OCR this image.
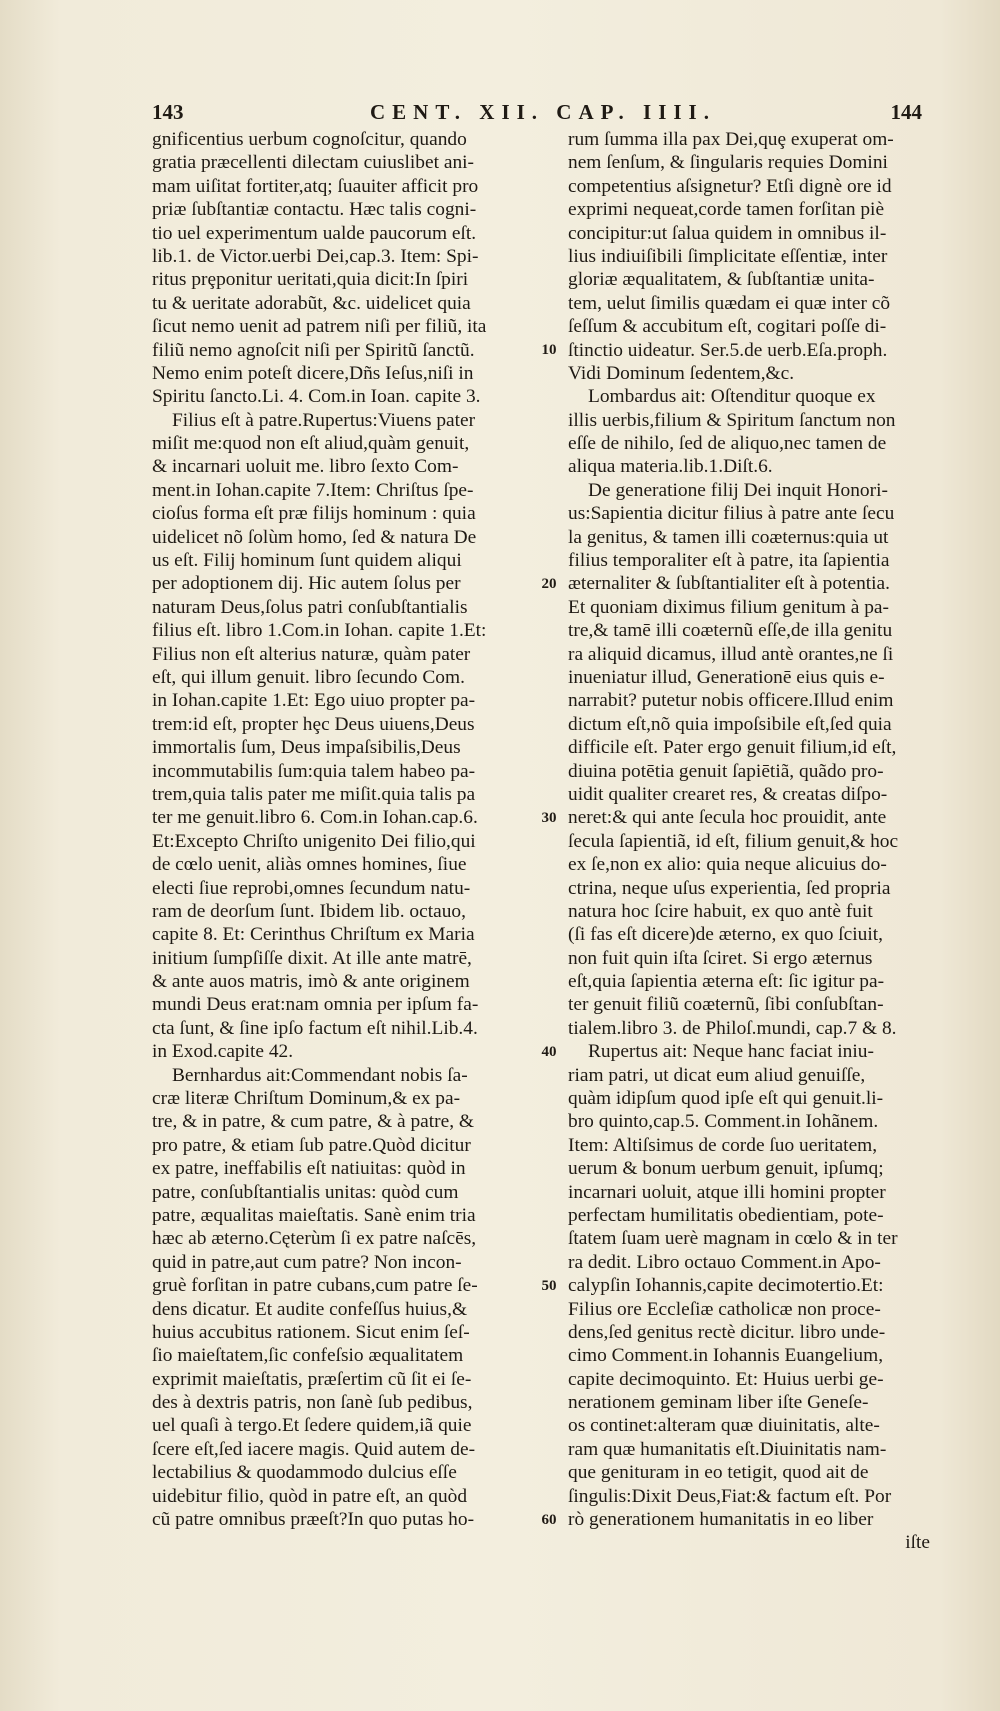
143	CENT. XII. CAP. IIII.	144
gnificentius uerbum cognoſcitur, quando
gratia præcellenti dilectam cuiuslibet ani-
mam uiſitat fortiter,atq; ſuauiter afficit pro
priæ ſubſtantiæ contactu. Hæc talis cogni-
tio uel experimentum ualde paucorum eſt.
lib.1. de Victor.uerbi Dei,cap.3. Item: Spi-
ritus prȩponitur ueritati,quia dicit:In ſpiri
tu & ueritate adorabũt, &c. uidelicet quia
ſicut nemo uenit ad patrem niſi per filiũ, ita
filiũ nemo agnoſcit niſi per Spiritũ ſanctũ.
Nemo enim poteſt dicere,Dñs Ieſus,niſi in
Spiritu ſancto.Li. 4. Com.in Ioan. capite 3.
Filius eſt à patre.Rupertus:Viuens pater
miſit me:quod non eſt aliud,quàm genuit,
& incarnari uoluit me. libro ſexto Com-
ment.in Iohan.capite 7.Item: Chriſtus ſpe-
cioſus forma eſt præ filijs hominum : quia
uidelicet nõ ſolùm homo, ſed & natura De
us eſt. Filij hominum ſunt quidem aliqui
per adoptionem dij. Hic autem ſolus per
naturam Deus,ſolus patri conſubſtantialis
filius eſt. libro 1.Com.in Iohan. capite 1.Et:
Filius non eſt alterius naturæ, quàm pater
eſt, qui illum genuit. libro ſecundo Com.
in Iohan.capite 1.Et: Ego uiuo propter pa-
trem:id eſt, propter hȩc Deus uiuens,Deus
immortalis ſum, Deus impaſsibilis,Deus
incommutabilis ſum:quia talem habeo pa-
trem,quia talis pater me miſit.quia talis pa
ter me genuit.libro 6. Com.in Iohan.cap.6.
Et:Excepto Chriſto unigenito Dei filio,qui
de cœlo uenit, aliàs omnes homines, ſiue
electi ſiue reprobi,omnes ſecundum natu-
ram de deorſum ſunt. Ibidem lib. octauo,
capite 8. Et: Cerinthus Chriſtum ex Maria
initium ſumpſiſſe dixit. At ille ante matrē,
& ante auos matris, imò & ante originem
mundi Deus erat:nam omnia per ipſum fa-
cta ſunt, & ſine ipſo factum eſt nihil.Lib.4.
in Exod.capite 42.
Bernhardus ait:Commendant nobis ſa-
cræ literæ Chriſtum Dominum,& ex pa-
tre, & in patre, & cum patre, & à patre, &
pro patre, & etiam ſub patre.Quòd dicitur
ex patre, ineffabilis eſt natiuitas: quòd in
patre, conſubſtantialis unitas: quòd cum
patre, æqualitas maieſtatis. Sanè enim tria
hæc ab æterno.Cęterùm ſi ex patre naſcēs,
quid in patre,aut cum patre? Non incon-
gruè forſitan in patre cubans,cum patre ſe-
dens dicatur. Et audite confeſſus huius,&
huius accubitus rationem. Sicut enim ſeſ-
ſio maieſtatem,ſic confeſsio æqualitatem
exprimit maieſtatis, præſertim cũ ſit ei ſe-
des à dextris patris, non ſanè ſub pedibus,
uel quaſi à tergo.Et ſedere quidem,iã quie
ſcere eſt,ſed iacere magis. Quid autem de-
lectabilius & quodammodo dulcius eſſe
uidebitur filio, quòd in patre eſt, an quòd
cũ patre omnibus præeſt?In quo putas ho-
10
20
30
40
50
60
rum ſumma illa pax Dei,quȩ exuperat om-
nem ſenſum, & ſingularis requies Domini
competentius aſsignetur? Etſi dignè ore id
exprimi nequeat,corde tamen forſitan piè
concipitur:ut ſalua quidem in omnibus il-
lius indiuiſibili ſimplicitate eſſentiæ, inter
gloriæ æqualitatem, & ſubſtantiæ unita-
tem, uelut ſimilis quædam ei quæ inter cõ
ſeſſum & accubitum eſt, cogitari poſſe di-
ſtinctio uideatur. Ser.5.de uerb.Eſa.proph.
Vidi Dominum ſedentem,&c.
Lombardus ait: Oſtenditur quoque ex
illis uerbis,filium & Spiritum ſanctum non
eſſe de nihilo, ſed de aliquo,nec tamen de
aliqua materia.lib.1.Diſt.6.
De generatione filij Dei inquit Honori-
us:Sapientia dicitur filius à patre ante ſecu
la genitus, & tamen illi coæternus:quia ut
filius temporaliter eſt à patre, ita ſapientia
æternaliter & ſubſtantialiter eſt à potentia.
Et quoniam diximus filium genitum à pa-
tre,& tamē illi coæternũ eſſe,de illa genitu
ra aliquid dicamus, illud antè orantes,ne ſi
inueniatur illud, Generationē eius quis e-
narrabit? putetur nobis officere.Illud enim
dictum eſt,nõ quia impoſsibile eſt,ſed quia
difficile eſt. Pater ergo genuit filium,id eſt,
diuina potētia genuit ſapiētiã, quãdo pro-
uidit qualiter crearet res, & creatas diſpo-
neret:& qui ante ſecula hoc prouidit, ante
ſecula ſapientiã, id eſt, filium genuit,& hoc
ex ſe,non ex alio: quia neque alicuius do-
ctrina, neque uſus experientia, ſed propria
natura hoc ſcire habuit, ex quo antè fuit
(ſi fas eſt dicere)de æterno, ex quo ſciuit,
non fuit quin iſta ſciret. Si ergo æternus
eſt,quia ſapientia æterna eſt: ſic igitur pa-
ter genuit filiũ coæternũ, ſibi conſubſtan-
tialem.libro 3. de Philoſ.mundi, cap.7 & 8.
Rupertus ait: Neque hanc faciat iniu-
riam patri, ut dicat eum aliud genuiſſe,
quàm idipſum quod ipſe eſt qui genuit.li-
bro quinto,cap.5. Comment.in Iohãnem.
Item: Altiſsimus de corde ſuo ueritatem,
uerum & bonum uerbum genuit, ipſumq;
incarnari uoluit, atque illi homini propter
perfectam humilitatis obedientiam, pote-
ſtatem ſuam uerè magnam in cœlo & in ter
ra dedit. Libro octauo Comment.in Apo-
calypſin Iohannis,capite decimotertio.Et:
Filius ore Eccleſiæ catholicæ non proce-
dens,ſed genitus rectè dicitur. libro unde-
cimo Comment.in Iohannis Euangelium,
capite decimoquinto. Et: Huius uerbi ge-
nerationem geminam liber iſte Geneſe-
os continet:alteram quæ diuinitatis, alte-
ram quæ humanitatis eſt.Diuinitatis nam-
que genituram in eo tetigit, quod ait de
ſingulis:Dixit Deus,Fiat:& factum eſt. Por
rò generationem humanitatis in eo liber
iſte
